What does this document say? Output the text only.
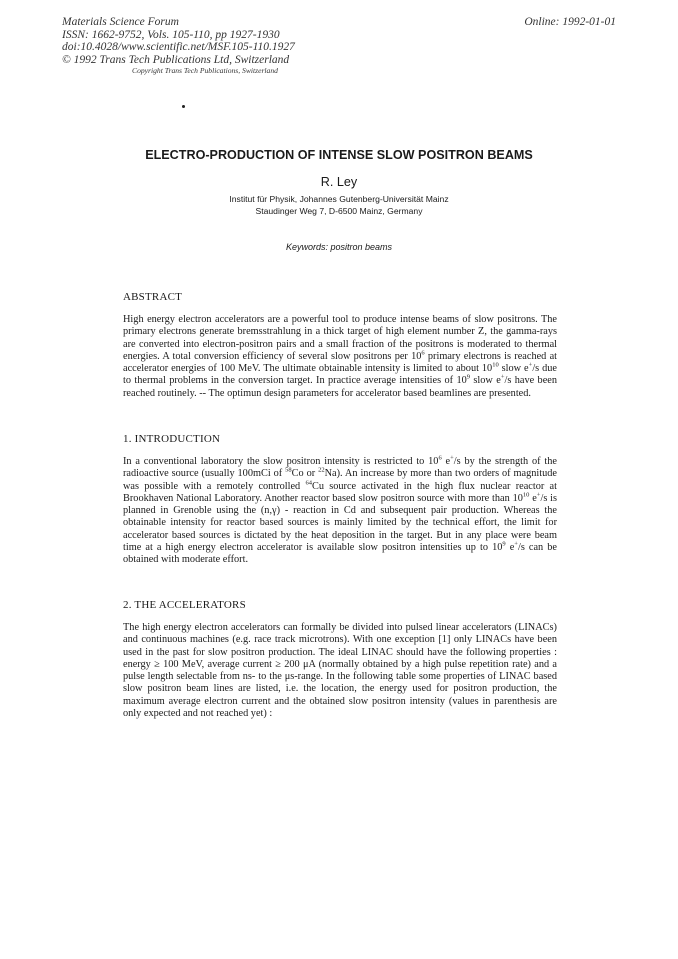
Materials Science Forum
ISSN: 1662-9752, Vols. 105-110, pp 1927-1930
doi:10.4028/www.scientific.net/MSF.105-110.1927
© 1992 Trans Tech Publications Ltd, Switzerland
Online: 1992-01-01
Copyright Trans Tech Publications, Switzerland
ELECTRO-PRODUCTION OF INTENSE SLOW POSITRON BEAMS
R. Ley
Institut für Physik, Johannes Gutenberg-Universität Mainz
Staudinger Weg 7, D-6500 Mainz, Germany
Keywords: positron beams
ABSTRACT
High energy electron accelerators are a powerful tool to produce intense beams of slow positrons. The primary electrons generate bremsstrahlung in a thick target of high element number Z, the gamma-rays are converted into electron-positron pairs and a small fraction of the positrons is moderated to thermal energies. A total conversion efficiency of several slow positrons per $10^6$ primary electrons is reached at accelerator energies of 100 MeV. The ultimate obtainable intensity is limited to about $10^{10}$ slow e+/s due to thermal problems in the conversion target. In practice average intensities of $10^9$ slow e+/s have been reached routinely. -- The optimun design parameters for accelerator based beamlines are presented.
1. INTRODUCTION
In a conventional laboratory the slow positron intensity is restricted to $10^6$ e+/s by the strength of the radioactive source (usually 100mCi of $^{58}$Co or $^{22}$Na). An increase by more than two orders of magnitude was possible with a remotely controlled $^{64}$Cu source activated in the high flux nuclear reactor at Brookhaven National Laboratory. Another reactor based slow positron source with more than $10^{10}$ e+/s is planned in Grenoble using the (n,γ) - reaction in Cd and subsequent pair production. Whereas the obtainable intensity for reactor based sources is mainly limited by the technical effort, the limit for accelerator based sources is dictated by the heat deposition in the target. But in any place were beam time at a high energy electron accelerator is available slow positron intensities up to $10^9$ e+/s can be obtained with moderate effort.
2. THE ACCELERATORS
The high energy electron accelerators can formally be divided into pulsed linear accelerators (LINACs) and continuous machines (e.g. race track microtrons). With one exception [1] only LINACs have been used in the past for slow positron production. The ideal LINAC should have the following properties : energy ≥ 100 MeV, average current ≥ 200 μA (normally obtained by a high pulse repetition rate) and a pulse length selectable from ns- to the μs-range. In the following table some properties of LINAC based slow positron beam lines are listed, i.e. the location, the energy used for positron production, the maximum average electron current and the obtained slow positron intensity (values in parenthesis are only expected and not reached yet) :
